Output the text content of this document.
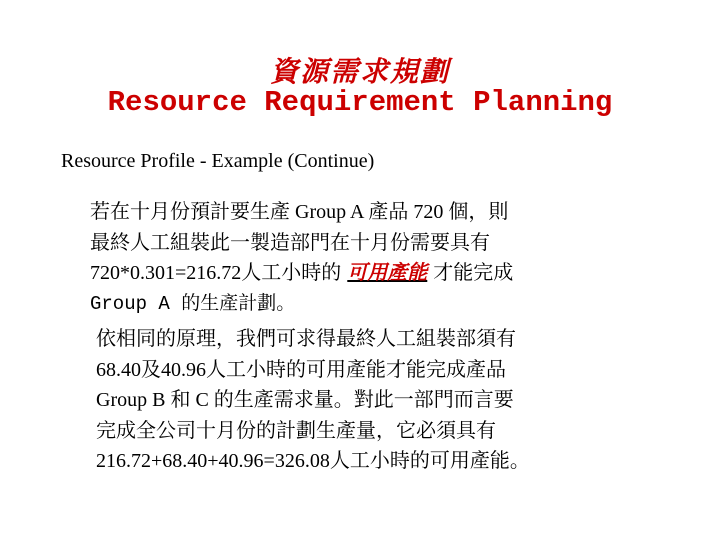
資源需求規劃
Resource Requirement Planning
Resource Profile - Example (Continue)
若在十月份預計要生產 Group A 產品 720 個，則
最終人工組裝此一製造部門在十月份需要具有
720*0.301=216.72人工小時的 可用產能 才能完成
Group A 的生產計劃。
依相同的原理，我們可求得最終人工組裝部須有
68.40及40.96人工小時的可用產能才能完成產品
Group B 和 C 的生產需求量。對此一部門而言要
完成全公司十月份的計劃生產量，它必須具有
216.72+68.40+40.96=326.08人工小時的可用產能。
